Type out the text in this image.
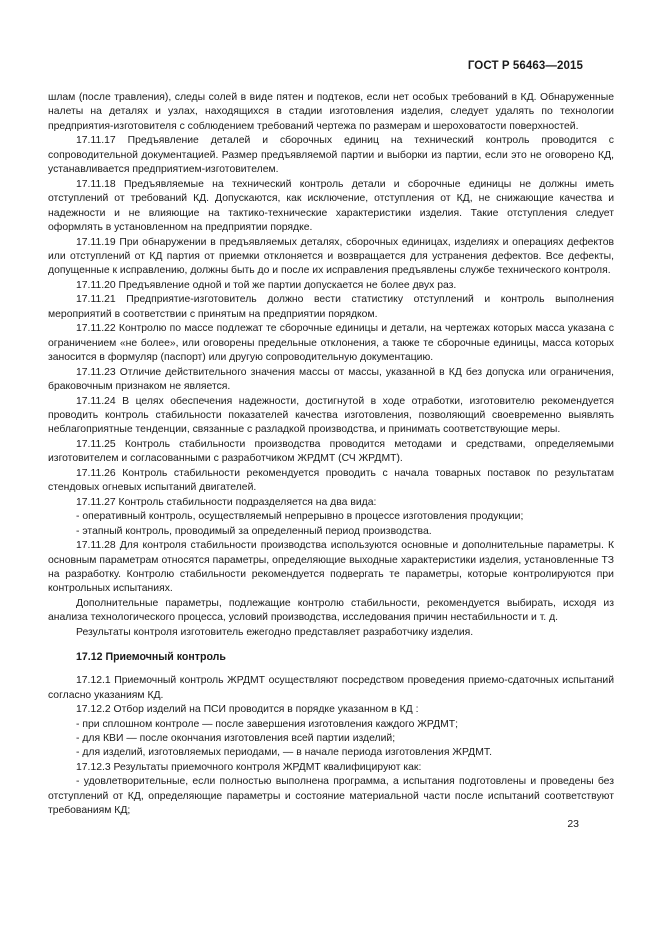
ГОСТ Р 56463—2015

шлам (после травления), следы солей в виде пятен и подтеков, если нет особых требований в КД. Обнаруженные налеты на деталях и узлах, находящихся в стадии изготовления изделия, следует удалять по технологии предприятия-изготовителя с соблюдением требований чертежа по размерам и шероховатости поверхностей.

17.11.17 Предъявление деталей и сборочных единиц на технический контроль проводится с сопроводительной документацией. Размер предъявляемой партии и выборки из партии, если это не оговорено КД, устанавливается предприятием-изготовителем.

17.11.18 Предъявляемые на технический контроль детали и сборочные единицы не должны иметь отступлений от требований КД. Допускаются, как исключение, отступления от КД, не снижающие качества и надежности и не влияющие на тактико-технические характеристики изделия. Такие отступления следует оформлять в установленном на предприятии порядке.

17.11.19 При обнаружении в предъявляемых деталях, сборочных единицах, изделиях и операциях дефектов или отступлений от КД партия от приемки отклоняется и возвращается для устранения дефектов. Все дефекты, допущенные к исправлению, должны быть до и после их исправления предъявлены службе технического контроля.

17.11.20 Предъявление одной и той же партии допускается не более двух раз.

17.11.21 Предприятие-изготовитель должно вести статистику отступлений и контроль выполнения мероприятий в соответствии с принятым на предприятии порядком.

17.11.22 Контролю по массе подлежат те сборочные единицы и детали, на чертежах которых масса указана с ограничением «не более», или оговорены предельные отклонения, а также те сборочные единицы, масса которых заносится в формуляр (паспорт) или другую сопроводительную документацию.

17.11.23 Отличие действительного значения массы от массы, указанной в КД без допуска или ограничения, браковочным признаком не является.

17.11.24 В целях обеспечения надежности, достигнутой в ходе отработки, изготовителю рекомендуется проводить контроль стабильности показателей качества изготовления, позволяющий своевременно выявлять неблагоприятные тенденции, связанные с разладкой производства, и принимать соответствующие меры.

17.11.25 Контроль стабильности производства проводится методами и средствами, определяемыми изготовителем и согласованными с разработчиком ЖРДМТ (СЧ ЖРДМТ).

17.11.26 Контроль стабильности рекомендуется проводить с начала товарных поставок по результатам стендовых огневых испытаний двигателей.

17.11.27 Контроль стабильности подразделяется на два вида:

- оперативный контроль, осуществляемый непрерывно в процессе изготовления продукции;

- этапный контроль, проводимый за определенный период производства.

17.11.28 Для контроля стабильности производства используются основные и дополнительные параметры. К основным параметрам относятся параметры, определяющие выходные характеристики изделия, установленные ТЗ на разработку. Контролю стабильности рекомендуется подвергать те параметры, которые контролируются при контрольных испытаниях.

Дополнительные параметры, подлежащие контролю стабильности, рекомендуется выбирать, исходя из анализа технологического процесса, условий производства, исследования причин нестабильности и т. д.

Результаты контроля изготовитель ежегодно представляет разработчику изделия.

17.12 Приемочный контроль

17.12.1 Приемочный контроль ЖРДМТ осуществляют посредством проведения приемо-сдаточных испытаний согласно указаниям КД.

17.12.2 Отбор изделий на ПСИ проводится в порядке указанном в КД :

- при сплошном контроле — после завершения изготовления каждого ЖРДМТ;

- для КВИ — после окончания изготовления всей партии изделий;

- для изделий, изготовляемых периодами, — в начале периода изготовления ЖРДМТ.

17.12.3 Результаты приемочного контроля ЖРДМТ квалифицируют как:

- удовлетворительные, если полностью выполнена программа, а испытания подготовлены и проведены без отступлений от КД, определяющие параметры и состояние материальной части после испытаний соответствуют требованиям КД;

23
